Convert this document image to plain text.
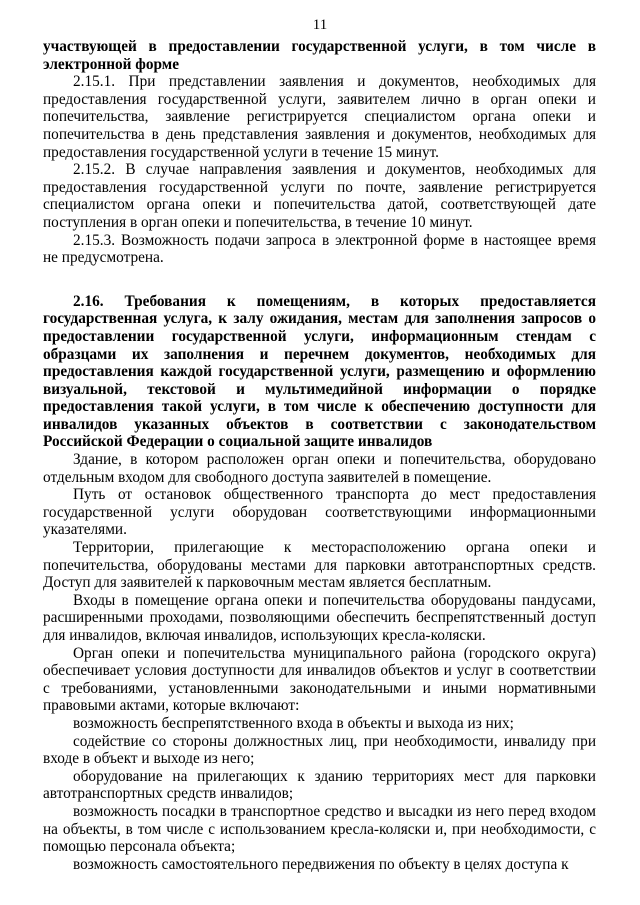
11

участвующей в предоставлении государственной услуги, в том числе в электронной форме

2.15.1. При представлении заявления и документов, необходимых для предоставления государственной услуги, заявителем лично в орган опеки и попечительства, заявление регистрируется специалистом органа опеки и попечительства в день представления заявления и документов, необходимых для предоставления государственной услуги в течение 15 минут.

2.15.2. В случае направления заявления и документов, необходимых для предоставления государственной услуги по почте, заявление регистрируется специалистом органа опеки и попечительства датой, соответствующей дате поступления в орган опеки и попечительства, в течение 10 минут.

2.15.3. Возможность подачи запроса в электронной форме в настоящее время не предусмотрена.

2.16. Требования к помещениям, в которых предоставляется государственная услуга, к залу ожидания, местам для заполнения запросов о предоставлении государственной услуги, информационным стендам с образцами их заполнения и перечнем документов, необходимых для предоставления каждой государственной услуги, размещению и оформлению визуальной, текстовой и мультимедийной информации о порядке предоставления такой услуги, в том числе к обеспечению доступности для инвалидов указанных объектов в соответствии с законодательством Российской Федерации о социальной защите инвалидов

Здание, в котором расположен орган опеки и попечительства, оборудовано отдельным входом для свободного доступа заявителей в помещение.

Путь от остановок общественного транспорта до мест предоставления государственной услуги оборудован соответствующими информационными указателями.

Территории, прилегающие к месторасположению органа опеки и попечительства, оборудованы местами для парковки автотранспортных средств. Доступ для заявителей к парковочным местам является бесплатным.

Входы в помещение органа опеки и попечительства оборудованы пандусами, расширенными проходами, позволяющими обеспечить беспрепятственный доступ для инвалидов, включая инвалидов, использующих кресла-коляски.

Орган опеки и попечительства муниципального района (городского округа) обеспечивает условия доступности для инвалидов объектов и услуг в соответствии с требованиями, установленными законодательными и иными нормативными правовыми актами, которые включают:

возможность беспрепятственного входа в объекты и выхода из них;

содействие со стороны должностных лиц, при необходимости, инвалиду при входе в объект и выходе из него;

оборудование на прилегающих к зданию территориях мест для парковки автотранспортных средств инвалидов;

возможность посадки в транспортное средство и высадки из него перед входом на объекты, в том числе с использованием кресла-коляски и, при необходимости, с помощью персонала объекта;

возможность самостоятельного передвижения по объекту в целях доступа к
